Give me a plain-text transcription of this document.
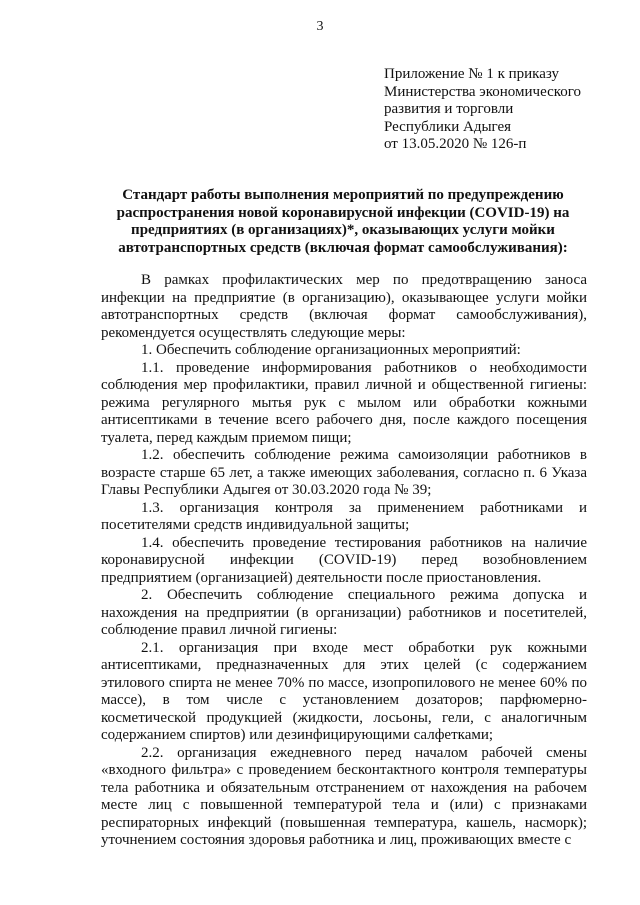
3
Приложение № 1 к приказу
Министерства экономического
развития и торговли
Республики Адыгея
от 13.05.2020 № 126-п
Стандарт работы выполнения мероприятий по предупреждению
распространения новой коронавирусной инфекции (COVID-19) на
предприятиях (в организациях)*, оказывающих услуги мойки
автотранспортных средств (включая формат самообслуживания):

В рамках профилактических мер по предотвращению заноса инфекции на предприятие (в организацию), оказывающее услуги мойки автотранспортных средств (включая формат самообслуживания), рекомендуется осуществлять следующие меры:

1. Обеспечить соблюдение организационных мероприятий:

1.1. проведение информирования работников о необходимости соблюдения мер профилактики, правил личной и общественной гигиены: режима регулярного мытья рук с мылом или обработки кожными антисептиками в течение всего рабочего дня, после каждого посещения туалета, перед каждым приемом пищи;

1.2. обеспечить соблюдение режима самоизоляции работников в возрасте старше 65 лет, а также имеющих заболевания, согласно п. 6 Указа Главы Республики Адыгея от 30.03.2020 года № 39;

1.3. организация контроля за применением работниками и посетителями средств индивидуальной защиты;

1.4. обеспечить проведение тестирования работников на наличие коронавирусной инфекции (COVID-19) перед возобновлением предприятием (организацией) деятельности после приостановления.

2. Обеспечить соблюдение специального режима допуска и нахождения на предприятии (в организации) работников и посетителей, соблюдение правил личной гигиены:

2.1. организация при входе мест обработки рук кожными антисептиками, предназначенных для этих целей (с содержанием этилового спирта не менее 70% по массе, изопропилового не менее 60% по массе), в том числе с установлением дозаторов; парфюмерно-косметической продукцией (жидкости, лосьоны, гели, с аналогичным содержанием спиртов) или дезинфицирующими салфетками;

2.2. организация ежедневного перед началом рабочей смены «входного фильтра» с проведением бесконтактного контроля температуры тела работника и обязательным отстранением от нахождения на рабочем месте лиц с повышенной температурой тела и (или) с признаками респираторных инфекций (повышенная температура, кашель, насморк); уточнением состояния здоровья работника и лиц, проживающих вместе с
